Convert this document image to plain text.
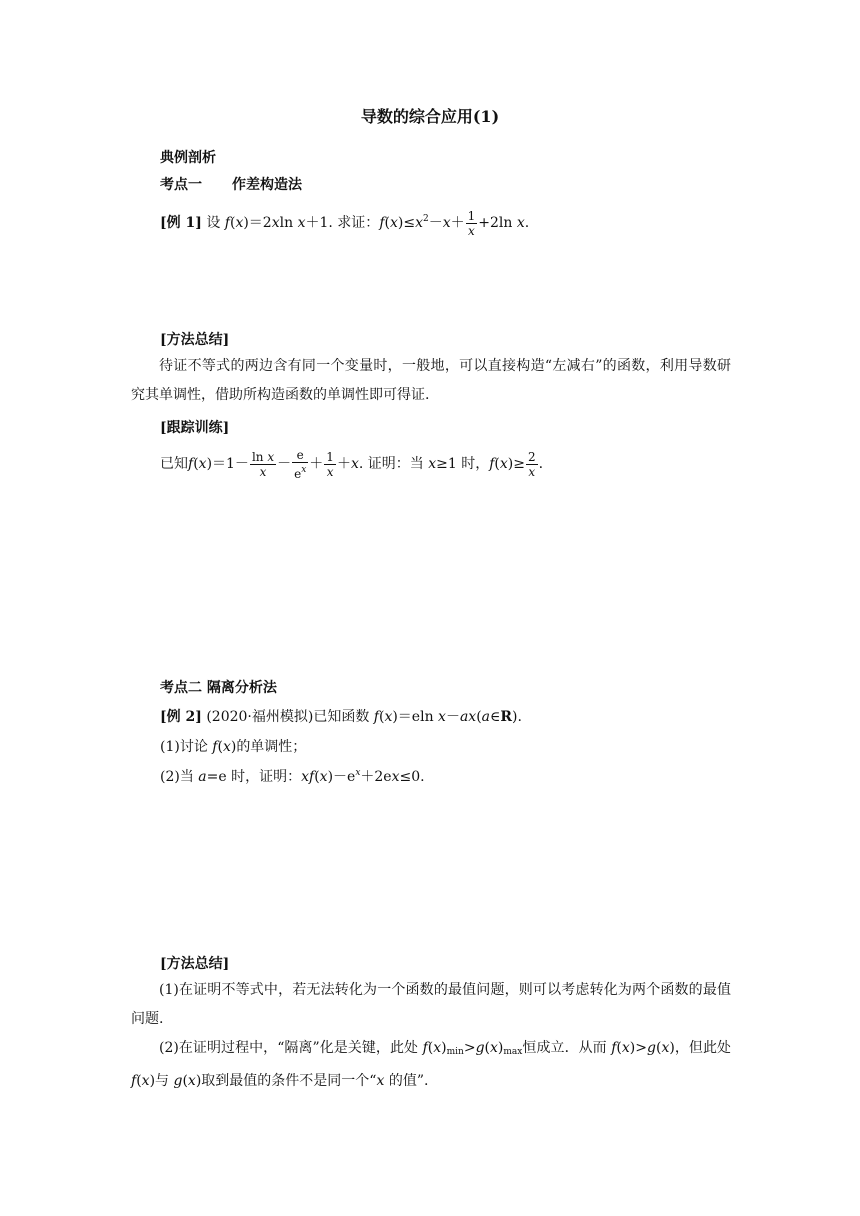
导数的综合应用(1)
典例剖析
考点一 作差构造法
[例 1] 设 f(x)＝2xln x＋1. 求证：$f(x)\le x^2-x+ \frac{1}{x} +2\ln$ x.
[方法总结]

待证不等式的两边含有同一个变量时，一般地，可以直接构造“左减右”的函数，利用导数研究其单调性，借助所构造函数的单调性即可得证.

[跟踪训练]
已知$f(x)=1- \frac{\text{ln x}}{x} - \frac{e}{e^x} + \frac{1}{x} +x$. 证明：当 x≥1 时，$f(x)\ge \frac{2}{x}$ .
考点二 隔离分析法
[例 2] (2020·福州模拟)已知函数 f(x)＝eln x－ax(a∈R).
(1)讨论 f(x)的单调性；
(2)当 a=e 时，证明：$xf(x)-e^x+2ex\le 0$.
[方法总结]

(1)在证明不等式中，若无法转化为一个函数的最值问题，则可以考虑转化为两个函数的最值问题.

(2)在证明过程中，“隔离”化是关键，此处 $f(x)_{min}>g(x)_{max}$恒成立．从而 f(x)>g(x)，但此处 f(x)与 g(x)取到最值的条件不是同一个“x 的值”.
